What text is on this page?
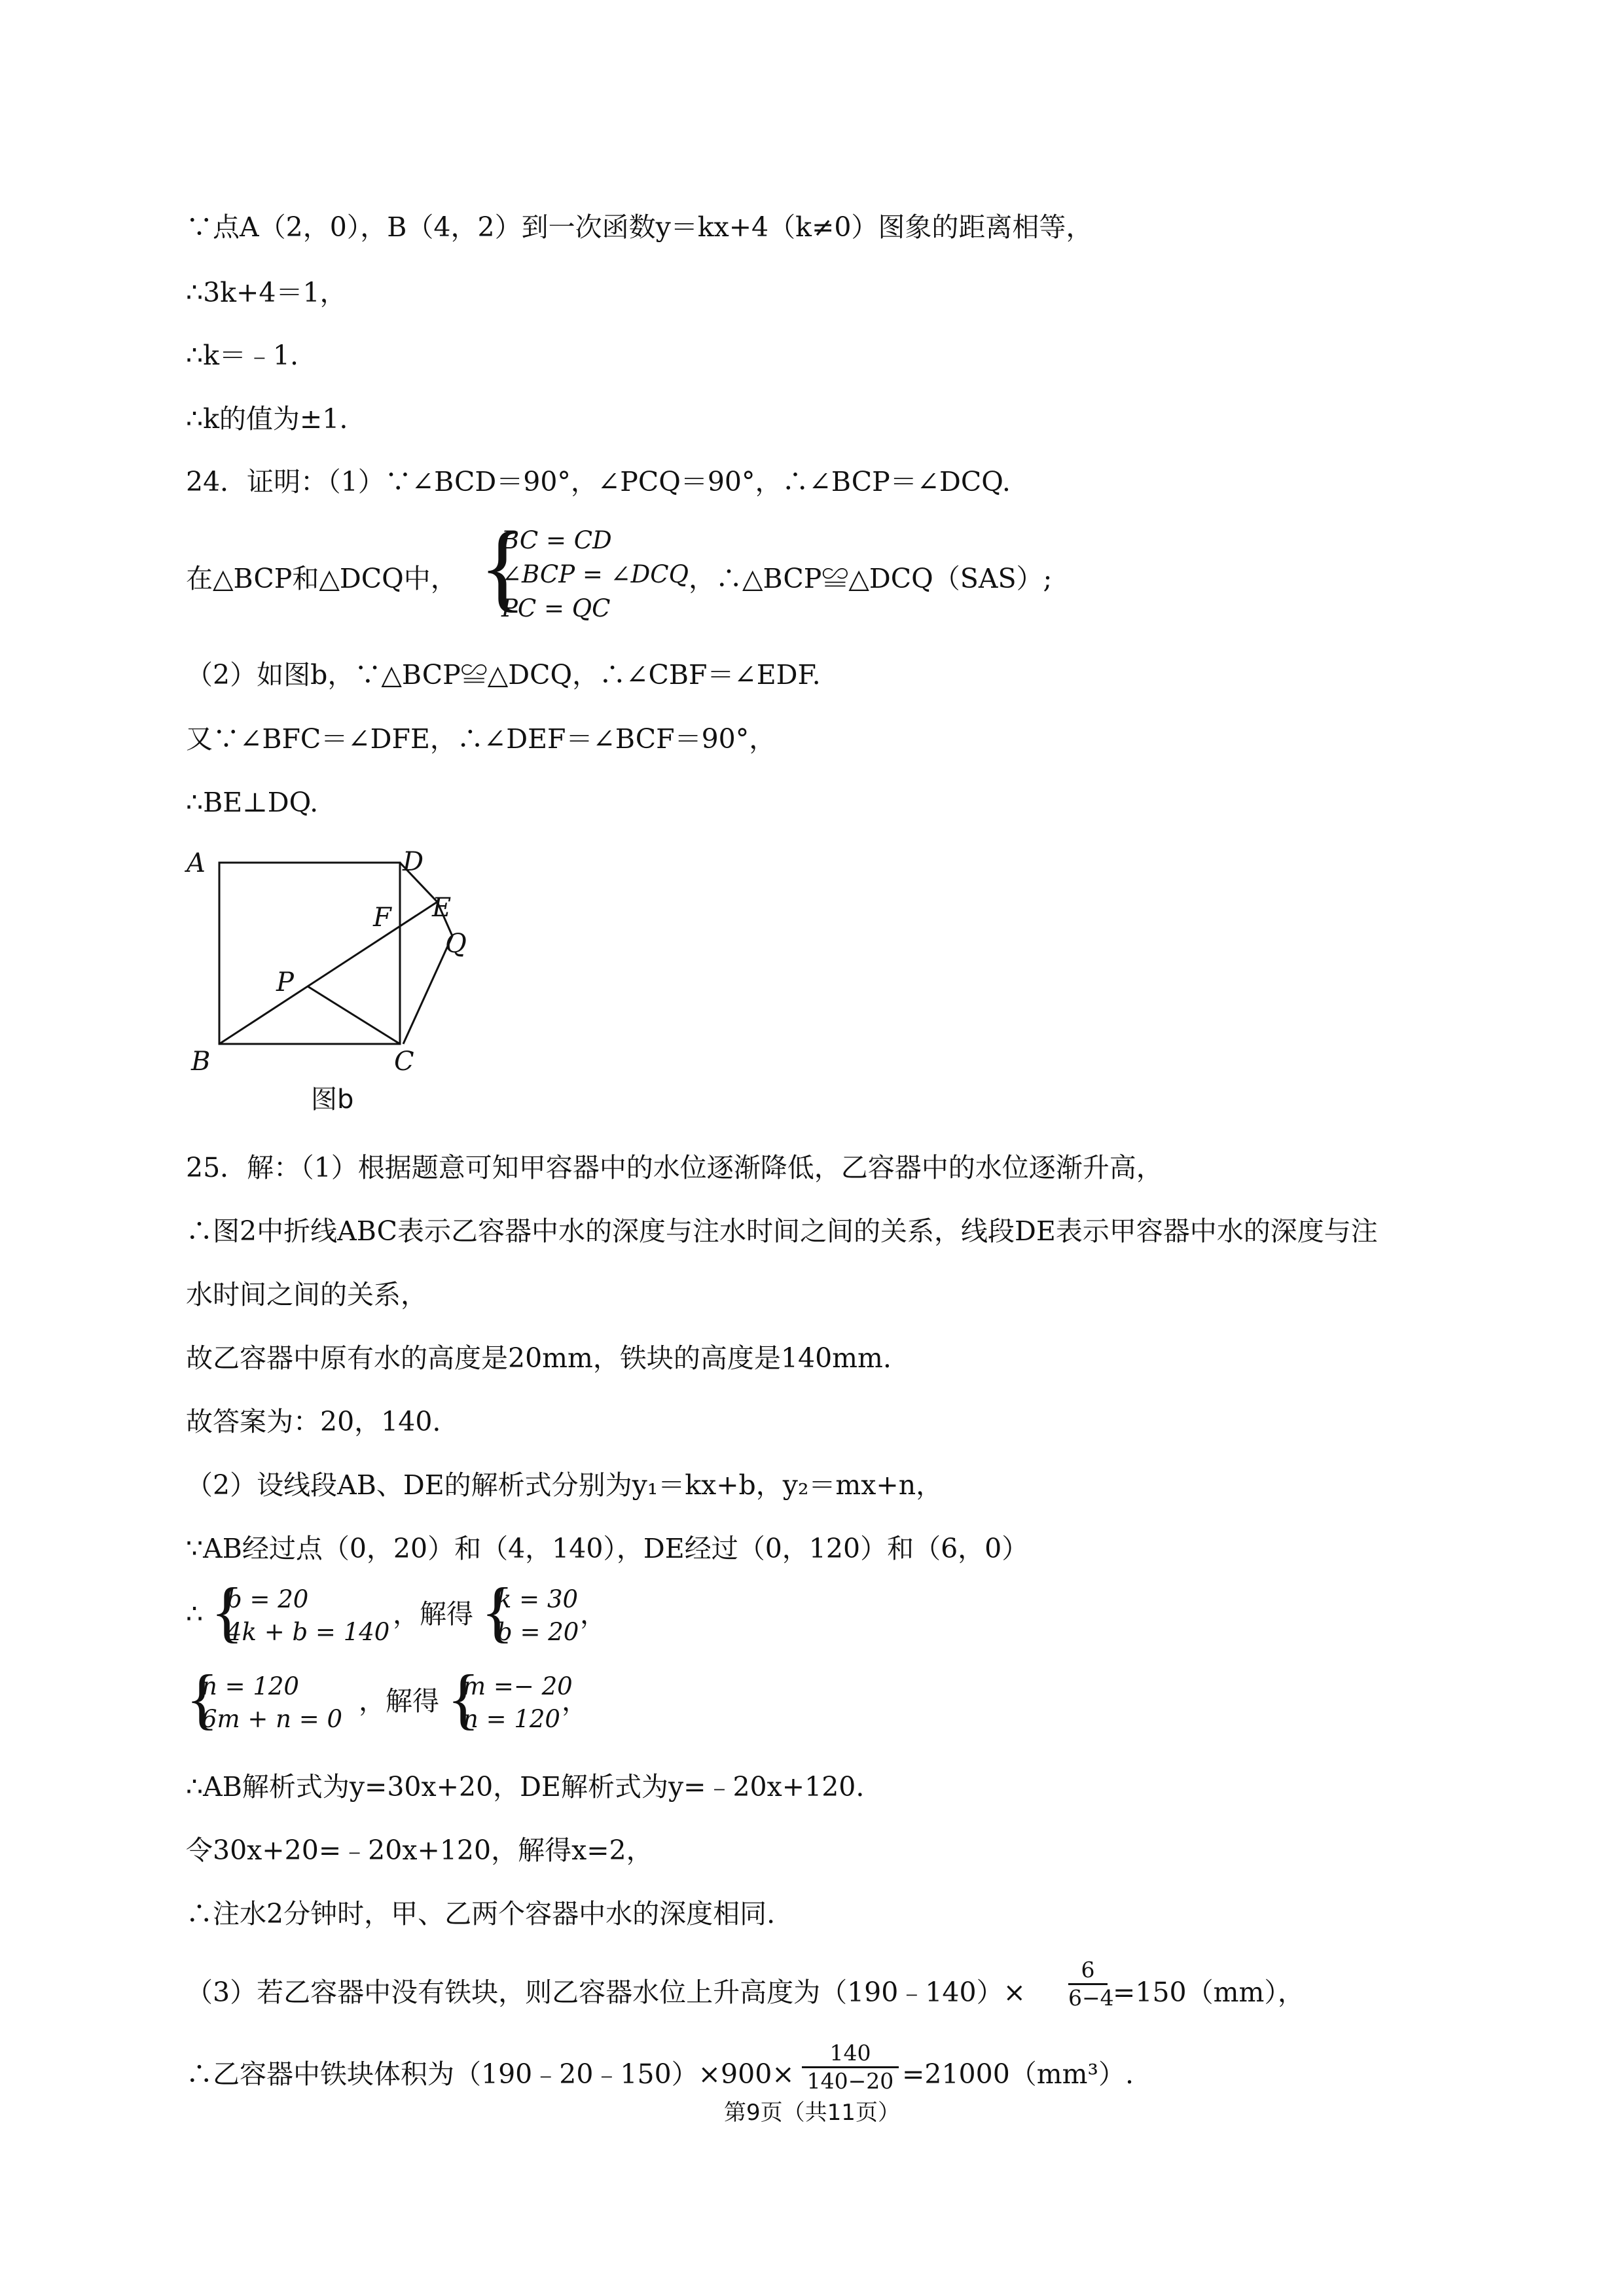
∵点A（2，0），B（4，2）到一次函数y＝kx+4（k≠0）图象的距离相等，
∴3k+4＝1，
∴k＝﹣1.
∴k的值为±1.
24．证明：（1）∵∠BCD＝90°，∠PCQ＝90°，∴∠BCP＝∠DCQ.
在△BCP和△DCQ中， {
BC = CD
∠BCP = ∠DCQ
PC = QC
，∴△BCP≌△DCQ（SAS）;
（2）如图b，∵△BCP≌△DCQ，∴∠CBF＝∠EDF.
又∵∠BFC＝∠DFE，∴∠DEF＝∠BCF＝90°，
∴BE⊥DQ.
A	D
F E
Q
P
B	C
图b
25．解：（1）根据题意可知甲容器中的水位逐渐降低，乙容器中的水位逐渐升高，
∴图2中折线ABC表示乙容器中水的深度与注水时间之间的关系，线段DE表示甲容器中水的深度与注
水时间之间的关系，
故乙容器中原有水的高度是20mm，铁块的高度是140mm.
故答案为：20，140.
（2）设线段AB、DE的解析式分别为y₁＝kx+b，y₂＝mx+n，
∵AB经过点（0，20）和（4，140），DE经过（0，120）和（6，0）
∴ {
b = 20
4k + b = 140
，解得 {
k = 30
b = 20
，
{
n = 120
6m + n = 0
，解得 {
m =− 20
n = 120
，
∴AB解析式为y=30x+20，DE解析式为y=﹣20x+120.
令30x+20=﹣20x+120，解得x=2，
∴注水2分钟时，甲、乙两个容器中水的深度相同.
（3）若乙容器中没有铁块，则乙容器水位上升高度为（190﹣140）×
6
6−4
=150（mm），
∴乙容器中铁块体积为（190﹣20﹣150）×900×
140
140−20 =21000（mm³）.
第9页（共11页）
